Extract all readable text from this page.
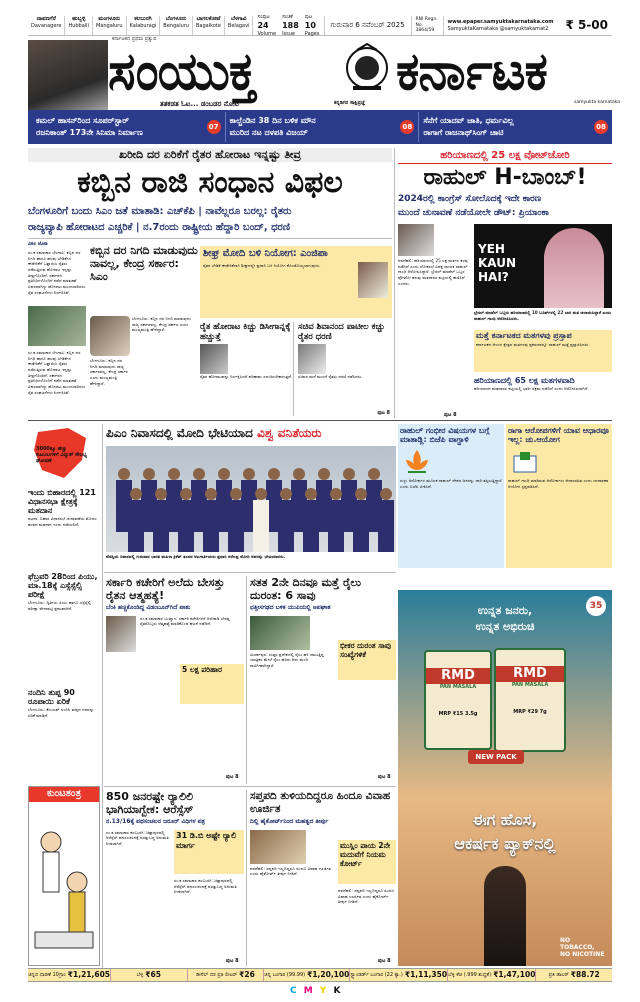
ದಾವಣಗೆರೆ
Davanagere
ಹುಬ್ಬಳ್ಳಿ
Hubballi
ಮಂಗಳೂರು
Mangaluru
ಕಲಬುರಗಿ
Kalaburagi
ಬೆಂಗಳೂರು
Bengaluru
ಬಾಗಲಕೋಟೆ
Bagalkote
ಬೆಳಗಾವಿ
Belagavi
ಸಂಪುಟ
24
Volume
ಸಂಚಿಕೆ
188
Issue
ಪುಟ
10
Pages
ಗುರುವಾರ 6 ನವೆಂಬರ್ 2025
RNI Regn. No. 3864/59
www.epaper.samyuktakarnataka.com
SamyuktaKarnataka @samyuktakarnat2	₹ 5-00
ಕರ್ನಾಟಕದ ಪ್ರಥಮ ಪ್ರತ್ಯುಷ
ಸಂಯುಕ್ತ
ಕನ್ನಡಿಗರ ಸಾಕ್ಷಿಪ್ರಜ್ಞೆ
ಕರ್ನಾಟಕ
ತತಕಡತ ಓಟ... ಡಂಬಡರ ನೋಟ	samyukta karnataka
ಕಮಲ್ ಹಾಸನ್‌ರಿಂದ ಸೂಪರ್‌ಸ್ಟಾರ್
ರಜನಿಕಾಂತ್ 173ನೇ ಸಿನಿಮಾ ನಿರ್ಮಾಣ
07
ಕಾಲ್ಚೆಂಡಿನ 38 ದಿನ ಬಳಿಕ ಮೌನ
ಮುರಿದ ನಟ ದಳಪತಿ ವಿಜಯ್
08
ಸೆನೆಗೆ ಯಾದವ್ ಜಾತಿ, ಧರ್ಮವಿಲ್ಲ
ರಾಗಾಗೆ ರಾಜನಾಥ್‌ಸಿಂಗ್ ಚಾಟಿ
08
ಖರೀದಿ ದರ ಏರಿಕೆಗೆ ರೈತರ ಹೋರಾಟ ಇನ್ನಷ್ಟು ತೀವ್ರ
ಕಬ್ಬಿನ ರಾಜಿ ಸಂಧಾನ ವಿಫಲ
ಬೆಂಗಳೂರಿಗೆ ಬಂದು ಸಿಎಂ ಜತೆ ಮಾತಾಡಿ: ಎಚ್‌ಕೆಪಿ | ನಾವೆಲ್ಲರೂ ಬರಲ್ಲ: ರೈತರು
ರಾಜ್ಯವ್ಯಾಪಿ ಹೋರಾಟದ ಎಚ್ಚರಿಕೆ | ನ.7ರಂದು ರಾಷ್ಟ್ರೀಯ ಹೆದ್ದಾರಿ ಬಂದ್, ಧರಣಿ
ವಿಠಲ ಜೋಶಿ
ಸಂ.ಕ.ಸಮಾಚಾರ ಬೆಳಗಾವಿ: ಕಬ್ಬಿನ ದರ ನಿಗದಿ ಹಾಗೂ ಹಲವು ಬೇಡಿಕೆಗಳ ಈಡೇರಿಕೆಗೆ ಒತ್ತಾಯಿಸಿ ರೈತರು ನಡೆಸುತ್ತಿರುವ ಹೋರಾಟ ಇನ್ನಷ್ಟು ತೀವ್ರಗೊಂಡಿದೆ. ಸರ್ಕಾರದ ಪ್ರತಿನಿಧಿಗಳೊಂದಿಗೆ ನಡೆದ ಮಾತುಕತೆ ವಿಫಲವಾಗಿದ್ದು ಹೋರಾಟ ಮುಂದುವರಿಸಲು ರೈತ ಸಂಘಟನೆಗಳು ನಿರ್ಧರಿಸಿವೆ.
ಸಂ.ಕ.ಸಮಾಚಾರ ಬೆಳಗಾವಿ: ಕಬ್ಬಿನ ದರ ನಿಗದಿ ಹಾಗೂ ಹಲವು ಬೇಡಿಕೆಗಳ ಈಡೇರಿಕೆಗೆ ಒತ್ತಾಯಿಸಿ ರೈತರು ನಡೆಸುತ್ತಿರುವ ಹೋರಾಟ ಇನ್ನಷ್ಟು ತೀವ್ರಗೊಂಡಿದೆ. ಸರ್ಕಾರದ ಪ್ರತಿನಿಧಿಗಳೊಂದಿಗೆ ನಡೆದ ಮಾತುಕತೆ ವಿಫಲವಾಗಿದ್ದು ಹೋರಾಟ ಮುಂದುವರಿಸಲು ರೈತ ಸಂಘಟನೆಗಳು ನಿರ್ಧರಿಸಿವೆ.
ಕಬ್ಬಿನ ದರ ನಿಗದಿ ಮಾಡುವುದು ನಾವಲ್ಲ, ಕೇಂದ್ರ ಸರ್ಕಾರ: ಸಿಎಂ
ಬೆಂಗಳೂರು: ಕಬ್ಬಿನ ದರ ನಿಗದಿ ಮಾಡುವುದು ರಾಜ್ಯ ಸರ್ಕಾರವಲ್ಲ, ಕೇಂದ್ರ ಸರ್ಕಾರ ಎಂದು ಮುಖ್ಯಮಂತ್ರಿ ಹೇಳಿದ್ದಾರೆ.
ಬೆಂಗಳೂರು: ಕಬ್ಬಿನ ದರ ನಿಗದಿ ಮಾಡುವುದು ರಾಜ್ಯ ಸರ್ಕಾರವಲ್ಲ, ಕೇಂದ್ರ ಸರ್ಕಾರ ಎಂದು ಮುಖ್ಯಮಂತ್ರಿ ಹೇಳಿದ್ದಾರೆ.
ಶೀಘ್ರ ಮೋದಿ ಬಳಿ ನಿಯೋಗ: ಎಂಜಿಪಾ
ರೈತರ ಬೇಡಿಕೆ ಈಡೇರಿಕೆಗಾಗಿ ಶೀಘ್ರದಲ್ಲೇ ಪ್ರಧಾನಿ ಬಳಿ ನಿಯೋಗ ಕೊಂಡೊಯ್ಯಲಾಗುವುದು.
ರೈತ ಹೋರಾಟ ಕಿಚ್ಚು ಡಿಸೀಗಾನ್ನಕ್ಕೆ ಹಚ್ಚುತ್ತೆ
ರೈತರ ಹೋರಾಟವನ್ನು ನಿರ್ಲಕ್ಷಿಸಿದರೆ ಪರಿಣಾಮ ಎದುರಿಸಬೇಕಾಗುತ್ತದೆ.
ಸಚಿವ ಶಿವಾನಂದ ಪಾಟೀಲ ಕಚ್ಚು ರೈತರ ಧರಣಿ
ಸಚಿವರ ಮನೆ ಮುಂದೆ ರೈತರು ಧರಣಿ ನಡೆಸಿದರು.
ಪುಟ 8
ಹರಿಯಾಣದಲ್ಲಿ 25 ಲಕ್ಷ ವೋಟ್‌ಚೋರಿ
ರಾಹುಲ್ H-ಬಾಂಬ್!
2024ರಲ್ಲಿ ಕಾಂಗ್ರೆಸ್ ಸೋಲೊದಕ್ಕೆ ಇದೇ ಕಾರಣ
ಮುಂದೆ ಚುನಾವಣೆ ನಡೆಯೋಲೇ ಡೌಟ್: ಪ್ರಿಯಾಂಕಾ
ನವದೆಹಲಿ: ಹರಿಯಾಣದಲ್ಲಿ 25 ಲಕ್ಷ ಮತಗಳ ಕಳವು ನಡೆದಿದೆ ಎಂದು ಲೋಕಸಭೆ ವಿಪಕ್ಷ ನಾಯಕ ರಾಹುಲ್ ಗಾಂಧಿ ಆರೋಪಿಸಿದ್ದಾರೆ. ಬ್ರೆಜಿಲ್ ಮಾಡೆಲ್ ಒಬ್ಬರ ಫೋಟೋ ಹಲವು ಮತದಾರರ ಪಟ್ಟಿಯಲ್ಲಿ ಕಾಣಿಸಿದೆ ಎಂದರು.
YEH KAUN HAI?
ಬ್ರೆಜಿಲ್ ಮಾಡೆಲ್ ಒಬ್ಬರು ಹರಿಯಾಣದಲ್ಲಿ 10 ಬೂತ್‌ಗಳಲ್ಲಿ 22 ಬಾರಿ ಮತ ಚಲಾಯಿಸಿದ್ದಾರೆ ಎಂದು ರಾಹುಲ್ ಗಾಂಧಿ ಆರೋಪಿಸಿದರು.
ಮತ್ತೆ ಕರ್ನಾಟಕದ ಮತಗಳವು ಪ್ರಸ್ತಾಪ
ಕರ್ನಾಟಕದ ಆಳಂದ ಕ್ಷೇತ್ರದ ಮತಗಳವು ಪ್ರಕರಣವನ್ನೂ ರಾಹುಲ್ ಮತ್ತೆ ಪ್ರಸ್ತಾಪಿಸಿದರು.
ಹರಿಯಾಣದಲ್ಲಿ 65 ಲಕ್ಷ ಮತಗಳವಾದಿ
ಹರಿಯಾಣದ ಮತದಾರರ ಪಟ್ಟಿಯಲ್ಲಿ ಭಾರೀ ಅಕ್ರಮ ನಡೆದಿದೆ ಎಂದು ಆರೋಪಿಸಲಾಗಿದೆ.
ಪುಟ 8
3000ಕ್ಕೂ ಹೆಚ್ಚು ಕುಟುಂಬಗಳಿಗೆ ವಿದ್ಯುತ್ ಸೌಲಭ್ಯ ಘೋಷಣೆ
ಇಂದು ಬಿಹಾರದಲ್ಲಿ 121 ವಿಧಾನಸಭಾ ಕ್ಷೇತ್ರಕ್ಕೆ ಮತದಾನ
ಪಟನಾ: ಬಿಹಾರ ವಿಧಾನಸಭೆ ಚುನಾವಣೆಯ ಮೊದಲ ಹಂತದ ಮತದಾನ ಇಂದು ನಡೆಯಲಿದೆ.
ಫೆಬ್ರವರಿ 28ರಿಂದ ಪಿಯು, ಮಾ.18ಕ್ಕೆ ಎಸ್ಸೆಸ್ಸೆಲ್ಸಿ ಪರೀಕ್ಷೆ
ಬೆಂಗಳೂರು: ದ್ವಿತೀಯ ಪಿಯು ಹಾಗೂ ಎಸ್ಸೆಸ್ಸೆಲ್ಸಿ ಪರೀಕ್ಷಾ ವೇಳಾಪಟ್ಟಿ ಪ್ರಕಟವಾಗಿದೆ.
ನಂದಿನಿ ತುಪ್ಪ 90 ರೂಪಾಯಿ ಏರಿಕೆ
ಬೆಂಗಳೂರು: ಕೆಎಂಎಫ್ ನಂದಿನಿ ತುಪ್ಪದ ದರವನ್ನು ಏರಿಕೆ ಮಾಡಿದೆ.
ಕುಂಟತಂತ್ರ
ಪಿಎಂ ನಿವಾಸದಲ್ಲಿ ಮೋದಿ ಭೇಟಿಯಾದ ವಿಶ್ವ ವನಿತೆಯರು
ನೆಡದ್ದಿಯ ನಿವಾಸದಲ್ಲಿ ಗುರುವಾರ ಭಾರತ ಮಹಿಳಾ ಕ್ರಿಕೆಟ್ ತಂಡದ ಆಟಗಾರ್ತಿಯರು ಪ್ರಧಾನಿ ನರೇಂದ್ರ ಮೋದಿ ಅವರನ್ನು ಭೇಟಿಯಾದರು.
ರಾಹುಲ್ ಗಂಭೀರ ವಿಷಯಗಳ ಬಗ್ಗೆ ಮಾತಾಡ್ಲಿ: ಬಿಜೆಪಿ ವಾಗ್ದಾಳಿ
ಸುಳ್ಳು ಆರೋಪಗಳ ಮೂಲಕ ರಾಹುಲ್ ದೇಶದ ಜನರನ್ನು ದಾರಿ ತಪ್ಪಿಸುತ್ತಿದ್ದಾರೆ ಎಂದು ಬಿಜೆಪಿ ಟೀಕಿಸಿದೆ.
ರಾಗಾ ಆರೋಪಗಳಿಗೆ ಯಾವ ಆಧಾರವೂ ಇಲ್ಲ: ಚು.ಆಯೋಗ
ರಾಹುಲ್ ಗಾಂಧಿ ಮಾಡಿರುವ ಆರೋಪಗಳು ಆಧಾರರಹಿತ ಎಂದು ಚುನಾವಣಾ ಆಯೋಗ ಸ್ಪಷ್ಟಪಡಿಸಿದೆ.
ಸರ್ಕಾರಿ ಕಚೇರಿಗೆ ಅಲೆದು ಬೇಸತ್ತು ರೈತನ ಆತ್ಮಹತ್ಯೆ!
ಬೆಂಕಿ ಹಚ್ಚಿಕೊಂಡಿದ್ದ ವಿಡಂಬೂನ್‌ಗಿದೆ ಪಾತು
ಸಂ.ಕ.ಸಮಾಚಾರ ಬಂಟ್ವಾಳ: ಸರ್ಕಾರಿ ಕಚೇರಿಗಳಿಗೆ ಅಲೆದಾಡಿ ಬೇಸತ್ತ ರೈತರೊಬ್ಬರು ಆತ್ಮಹತ್ಯೆ ಮಾಡಿಕೊಂಡ ಘಟನೆ ನಡೆದಿದೆ.
5 ಲಕ್ಷ ಪರಿಹಾರ
ಪುಟ 8
ಸತತ 2ನೇ ದಿನವೂ ಮತ್ತೆ ರೈಲು ದುರಂತ: 6 ಸಾವು
ಛತ್ತೀಸಗಢದ ಬಳಿಕ ಯುಪಿಯಲ್ಲಿ ಅಪಘಾತ
ಮಿರ್ಜಾಪುರ: ಉತ್ತರ ಪ್ರದೇಶದಲ್ಲಿ ರೈಲು ಹಳಿ ದಾಟುತ್ತಿದ್ದ ಯಾತ್ರಿಕರ ಮೇಲೆ ರೈಲು ಹರಿದು ಆರು ಮಂದಿ ಸಾವಿಗೀಡಾಗಿದ್ದಾರೆ.
ಭೀಕರ ದುರಂತ ಸಾವು ಸಂಖ್ಯೆಗಳಿಕೆ
ಪುಟ 8
850 ಜನರಷ್ಟೇ ರ‍್ಯಾಲಿಲಿ ಭಾಗಿಯಾಗ್ಬೇಕ: ಆರೆಸ್ಸೆಸ್
ನ.13/16ಕ್ಕೆ ಪಥಸಂಚಲನ ಜರೂರ್ ವಿಧಿಗಳ ಪತ್ರ
ಸಂ.ಕ.ಸಮಾಚಾರ ಕಲಬುರಗಿ: ಚಿತ್ತಾಪುರದಲ್ಲಿ ಆರೆಸ್ಸೆಸ್ ಪಥಸಂಚಲನಕ್ಕೆ ಷರತ್ತುಬದ್ಧ ಅನುಮತಿ ನೀಡಲಾಗಿದೆ.
31 ಡಿ.ಬಿ ಅಷ್ಟೇ ರ‍್ಯಾಲಿ ಮಾರ್ಗ
ಸಂ.ಕ.ಸಮಾಚಾರ ಕಲಬುರಗಿ: ಚಿತ್ತಾಪುರದಲ್ಲಿ ಆರೆಸ್ಸೆಸ್ ಪಥಸಂಚಲನಕ್ಕೆ ಷರತ್ತುಬದ್ಧ ಅನುಮತಿ ನೀಡಲಾಗಿದೆ.
ಪುಟ 8
ಸಪ್ತಪದಿ ತುಳಿಯದಿದ್ದರೂ ಹಿಂದೂ ವಿವಾಹ ಊರ್ಜಿತ
ದಿಲ್ಲಿ ಹೈಕೋರ್ಟ್‌ನಿಂದ ಮಹತ್ವದ ತೀರ್ಪು
ನವದೆಹಲಿ: ಸಪ್ತಪದಿ ಇಲ್ಲದಿದ್ದರೂ ಹಿಂದೂ ವಿವಾಹ ಊರ್ಜಿತ ಎಂದು ಹೈಕೋರ್ಟ್ ತೀರ್ಪು ನೀಡಿದೆ.
ಮುಸ್ಲಿಂ ಪಾಯ 2ನೇ ಮದುವೆಗೆ ನಿಯಮ ಕೋರ್ಟ್
ನವದೆಹಲಿ: ಸಪ್ತಪದಿ ಇಲ್ಲದಿದ್ದರೂ ಹಿಂದೂ ವಿವಾಹ ಊರ್ಜಿತ ಎಂದು ಹೈಕೋರ್ಟ್ ತೀರ್ಪು ನೀಡಿದೆ.
ಪುಟ 8
35
ಉನ್ನತ ಜನರು,
ಉನ್ನತ ಅಭಿರುಚಿ
RMD
PAN MASALA
MRP ₹15 3.5g
RMD
PAN MASALA
MRP ₹29 7g
NEW PACK
ಈಗ ಹೊಸ,
ಆಕರ್ಷಕ ಪ್ಯಾಕ್‌ನಲ್ಲಿ
NO TOBACCO, NO NICOTINE
ಚಿನ್ನದ ಧಾರಣೆ 10ಗ್ರಾಂ ₹1,21,605	ಬೆಳ್ಳಿ ₹65	ಡೀಸೆಲ್ ದರ ಪ್ರತಿ ಲೀಟರ್ ₹26 ಚಿನ್ನ ಬಂಗಾರ (99.99) ₹1,20,100 ಸ್ಟ್ಯಾಂಡರ್ಡ್ ಬಂಗಾರ (22 ಕ್ಯಾ.) ₹1,11,350 ಬೆಳ್ಳಿ ಕೆಜಿ (.999 ಶುದ್ಧತೆ) ₹1,47,100	ಪ್ರತಿ ಡಾಲರ್ ₹88.72
C M Y K
